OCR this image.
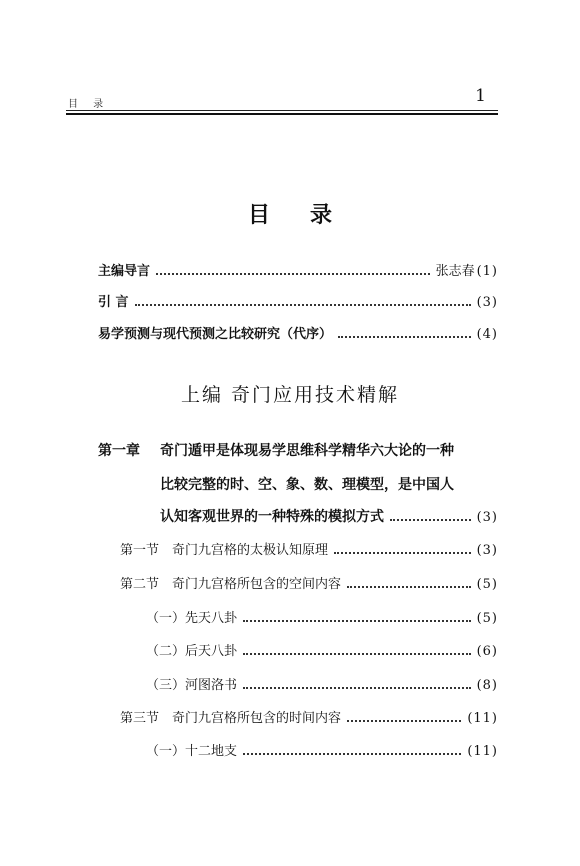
目 录	1
目 录
主编导言	张志春 (1)
引 言	(3)
易学预测与现代预测之比较研究（代序）	(4)
上编 奇门应用技术精解
第一章 奇门遁甲是体现易学思维科学精华六大论的一种
比较完整的时、空、象、数、理模型，是中国人
认知客观世界的一种特殊的模拟方式	(3)
第一节　奇门九宫格的太极认知原理	(3)
第二节　奇门九宫格所包含的空间内容	(5)
（一）先天八卦	(5)
（二）后天八卦	(6)
（三）河图洛书	(8)
第三节　奇门九宫格所包含的时间内容	(11)
（一）十二地支	(11)
